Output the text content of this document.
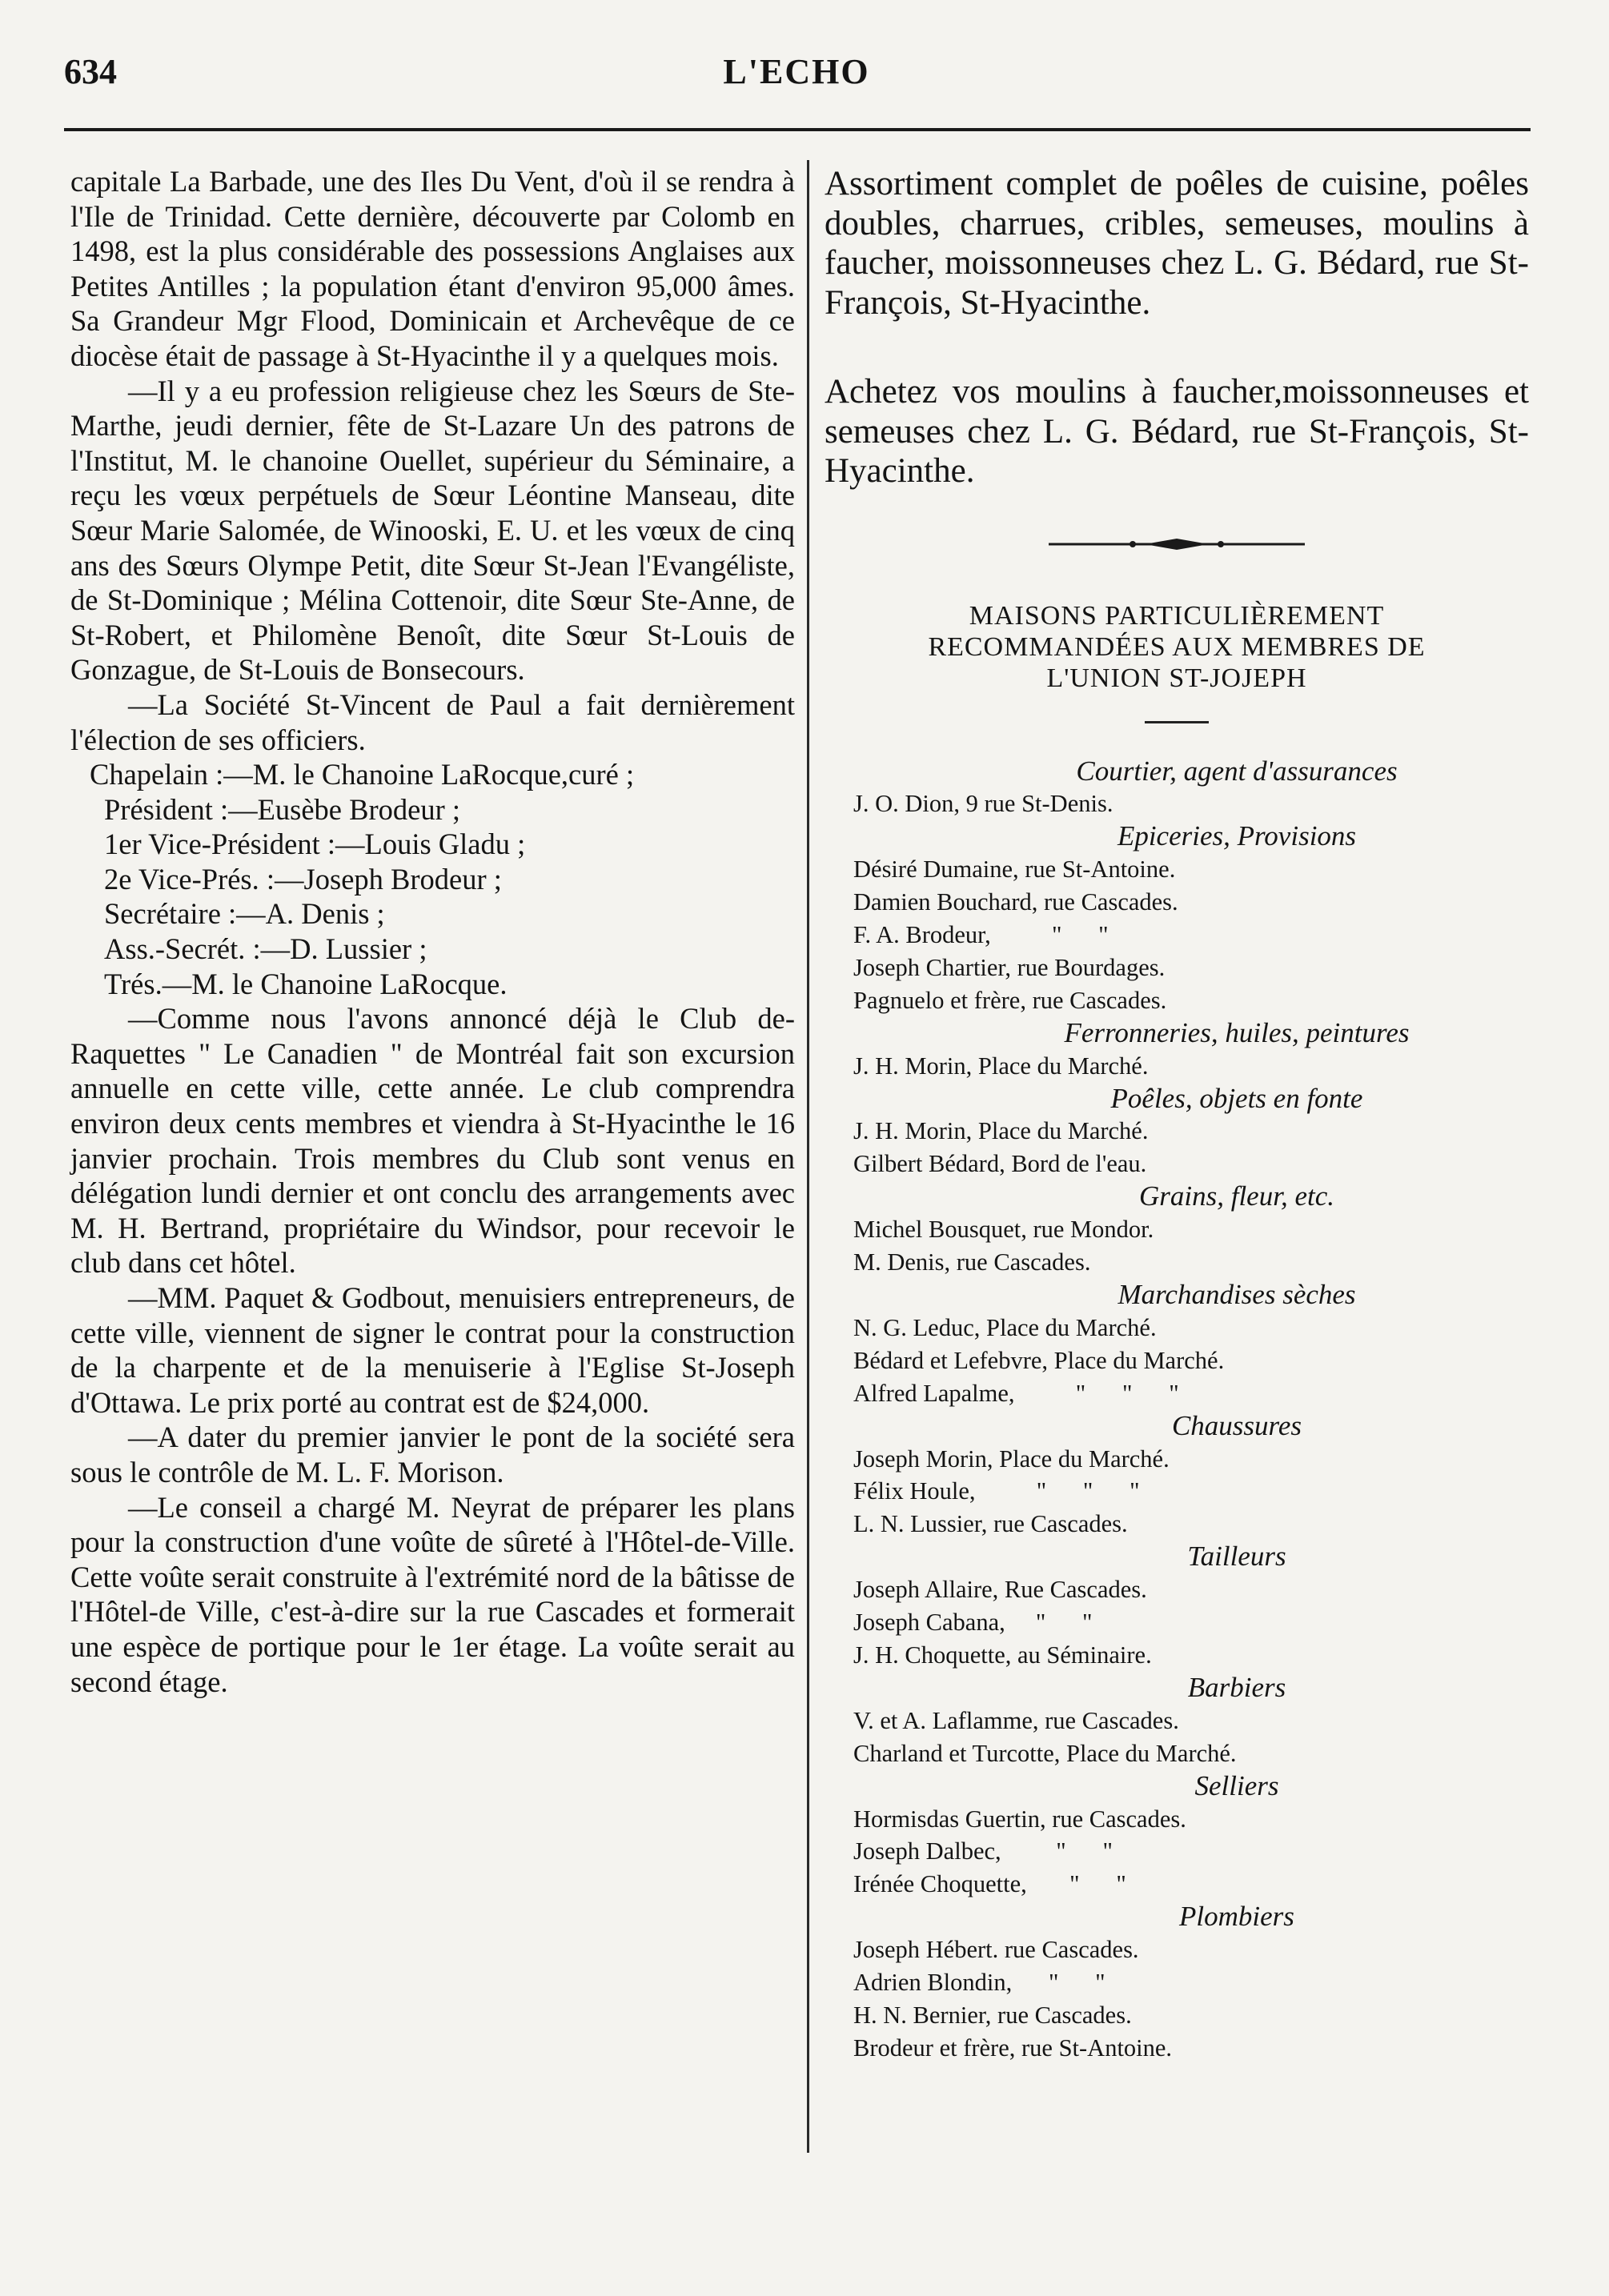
634	L'ECHO

capitale La Barbade, une des Iles Du Vent, d'où il se rendra à l'Ile de Trinidad. Cette dernière, découverte par Colomb en 1498, est la plus considérable des possessions Anglaises aux Petites Antilles ; la population étant d'environ 95,000 âmes. Sa Grandeur Mgr Flood, Dominicain et Archevêque de ce diocèse était de passage à St-Hyacinthe il y a quelques mois.

—Il y a eu profession religieuse chez les Sœurs de Ste-Marthe, jeudi dernier, fête de St-Lazare Un des patrons de l'Institut, M. le chanoine Ouellet, supérieur du Séminaire, a reçu les vœux perpétuels de Sœur Léontine Manseau, dite Sœur Marie Salomée, de Winooski, E. U. et les vœux de cinq ans des Sœurs Olympe Petit, dite Sœur St-Jean l'Evangéliste, de St-Dominique ; Mélina Cottenoir, dite Sœur Ste-Anne, de St-Robert, et Philomène Benoît, dite Sœur St-Louis de Gonzague, de St-Louis de Bonsecours.

—La Société St-Vincent de Paul a fait dernièrement l'élection de ses officiers.

Chapelain :—M. le Chanoine LaRocque,curé ;
Président :—Eusèbe Brodeur ;
1er Vice-Président :—Louis Gladu ;
2e Vice-Prés. :—Joseph Brodeur ;
Secrétaire :—A. Denis ;
Ass.-Secrét. :—D. Lussier ;
Trés.—M. le Chanoine LaRocque.

—Comme nous l'avons annoncé déjà le Club de-Raquettes " Le Canadien " de Montréal fait son excursion annuelle en cette ville, cette année. Le club comprendra environ deux cents membres et viendra à St-Hyacinthe le 16 janvier prochain. Trois membres du Club sont venus en délégation lundi dernier et ont conclu des arrangements avec M. H. Bertrand, propriétaire du Windsor, pour recevoir le club dans cet hôtel.

—MM. Paquet & Godbout, menuisiers entrepreneurs, de cette ville, viennent de signer le contrat pour la construction de la charpente et de la menuiserie à l'Eglise St-Joseph d'Ottawa. Le prix porté au contrat est de $24,000.

—A dater du premier janvier le pont de la société sera sous le contrôle de M. L. F. Morison.

—Le conseil a chargé M. Neyrat de préparer les plans pour la construction d'une voûte de sûreté à l'Hôtel-de-Ville. Cette voûte serait construite à l'extrémité nord de la bâtisse de l'Hôtel-de Ville, c'est-à-dire sur la rue Cascades et formerait une espèce de portique pour le 1er étage. La voûte serait au second étage.

Assortiment complet de poêles de cuisine, poêles doubles, charrues, cribles, semeuses, moulins à faucher, moissonneuses chez L. G. Bédard, rue St-François, St-Hyacinthe.

Achetez vos moulins à faucher,moissonneuses et semeuses chez L. G. Bédard, rue St-François, St-Hyacinthe.

MAISONS PARTICULIÈREMENT
RECOMMANDÉES AUX MEMBRES DE
L'UNION ST-JOJEPH
Courtier, agent d'assurances
J. O. Dion, 9 rue St-Denis.
Epiceries, Provisions
Désiré Dumaine, rue St-Antoine.
Damien Bouchard, rue Cascades.
F. A. Brodeur,          "      "
Joseph Chartier, rue Bourdages.
Pagnuelo et frère, rue Cascades.
Ferronneries, huiles, peintures
J. H. Morin, Place du Marché.
Poêles, objets en fonte
J. H. Morin, Place du Marché.
Gilbert Bédard, Bord de l'eau.
Grains, fleur, etc.
Michel Bousquet, rue Mondor.
M. Denis, rue Cascades.
Marchandises sèches
N. G. Leduc, Place du Marché.
Bédard et Lefebvre, Place du Marché.
Alfred Lapalme,          "      "      "
Chaussures
Joseph Morin, Place du Marché.
Félix Houle,          "      "      "
L. N. Lussier, rue Cascades.
Tailleurs
Joseph Allaire, Rue Cascades.
Joseph Cabana,     "      "
J. H. Choquette, au Séminaire.
Barbiers
V. et A. Laflamme, rue Cascades.
Charland et Turcotte, Place du Marché.
Selliers
Hormisdas Guertin, rue Cascades.
Joseph Dalbec,         "      "
Irénée Choquette,       "      "
Plombiers
Joseph Hébert. rue Cascades.
Adrien Blondin,      "      "
H. N. Bernier, rue Cascades.
Brodeur et frère, rue St-Antoine.
